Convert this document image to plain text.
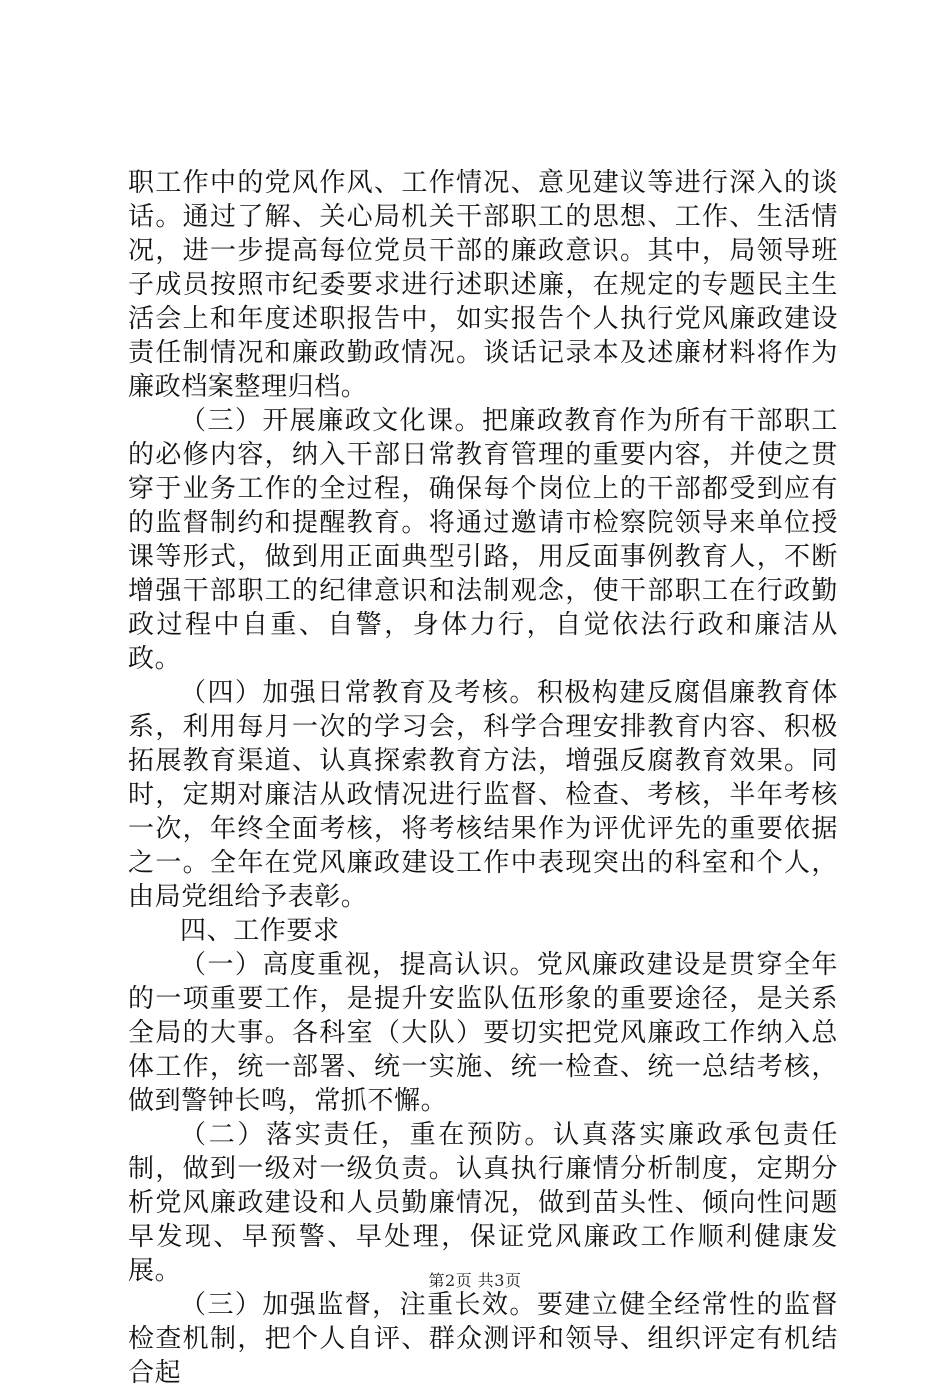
职工作中的党风作风、工作情况、意见建议等进行深入的谈话。通过了解、关心局机关干部职工的思想、工作、生活情况，进一步提高每位党员干部的廉政意识。其中，局领导班子成员按照市纪委要求进行述职述廉，在规定的专题民主生活会上和年度述职报告中，如实报告个人执行党风廉政建设责任制情况和廉政勤政情况。谈话记录本及述廉材料将作为廉政档案整理归档。

（三）开展廉政文化课。把廉政教育作为所有干部职工的必修内容，纳入干部日常教育管理的重要内容，并使之贯穿于业务工作的全过程，确保每个岗位上的干部都受到应有的监督制约和提醒教育。将通过邀请市检察院领导来单位授课等形式，做到用正面典型引路，用反面事例教育人，不断增强干部职工的纪律意识和法制观念，使干部职工在行政勤政过程中自重、自警，身体力行，自觉依法行政和廉洁从政。

（四）加强日常教育及考核。积极构建反腐倡廉教育体系，利用每月一次的学习会，科学合理安排教育内容、积极拓展教育渠道、认真探索教育方法，增强反腐教育效果。同时，定期对廉洁从政情况进行监督、检查、考核，半年考核一次，年终全面考核，将考核结果作为评优评先的重要依据之一。全年在党风廉政建设工作中表现突出的科室和个人，由局党组给予表彰。

四、工作要求

（一）高度重视，提高认识。党风廉政建设是贯穿全年的一项重要工作，是提升安监队伍形象的重要途径，是关系全局的大事。各科室（大队）要切实把党风廉政工作纳入总体工作，统一部署、统一实施、统一检查、统一总结考核，做到警钟长鸣，常抓不懈。

（二）落实责任，重在预防。认真落实廉政承包责任制，做到一级对一级负责。认真执行廉情分析制度，定期分析党风廉政建设和人员勤廉情况，做到苗头性、倾向性问题早发现、早预警、早处理，保证党风廉政工作顺利健康发展。

（三）加强监督，注重长效。要建立健全经常性的监督检查机制，把个人自评、群众测评和领导、组织评定有机结合起

第2页 共3页
